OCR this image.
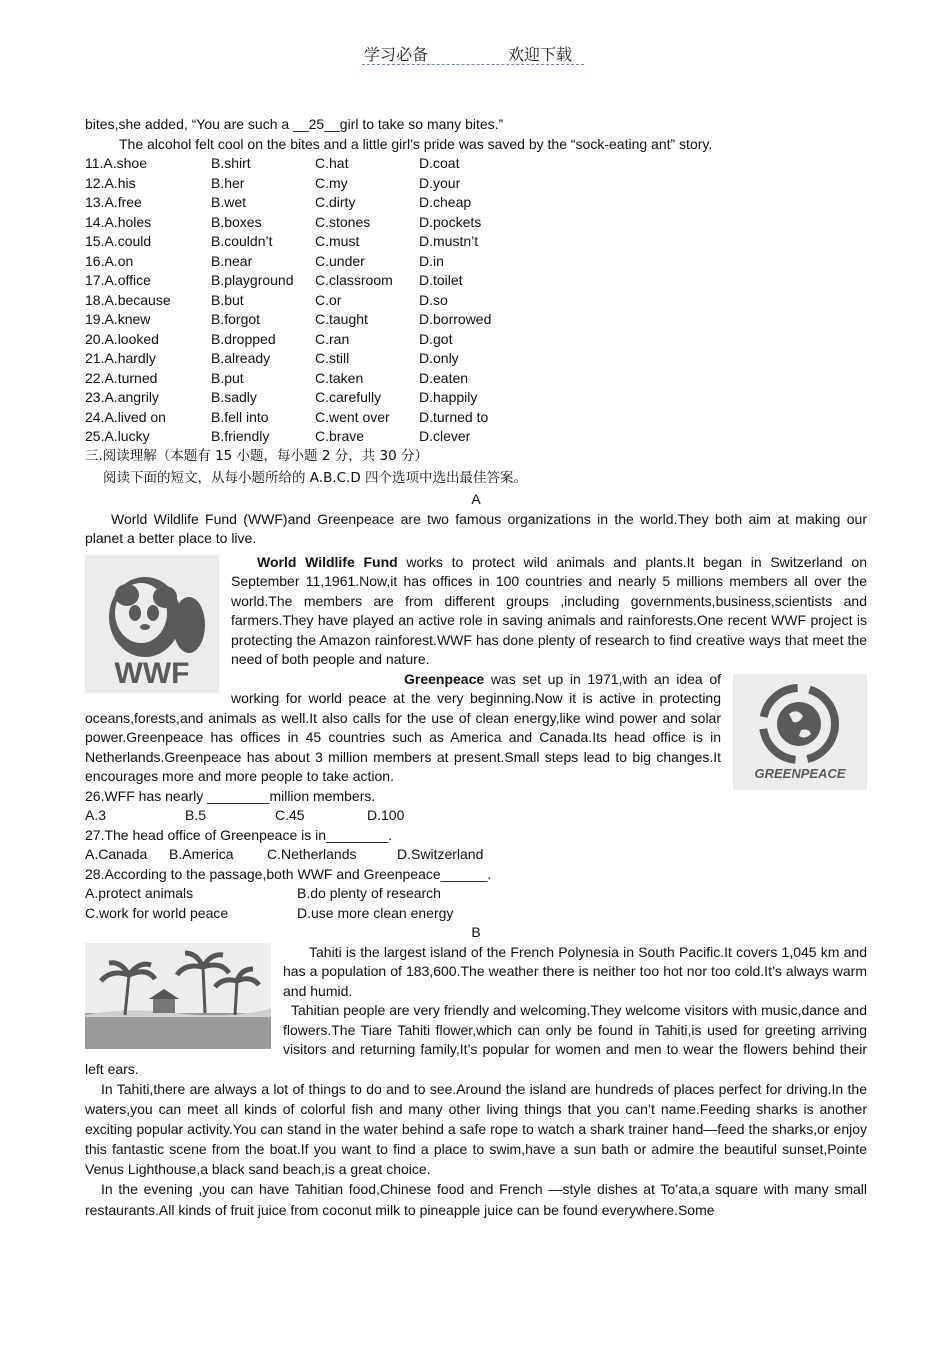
学习必备	欢迎下载
bites,she added, “You are such a __25__girl to take so many bites.”
The alcohol felt cool on the bites and a little girl’s pride was saved by the “sock-eating ant” story.
11.A.shoe	B.shirt	C.hat	D.coat
12.A.his	B.her	C.my	D.your
13.A.free	B.wet	C.dirty	D.cheap
14.A.holes	B.boxes	C.stones	D.pockets
15.A.could	B.couldn’t	C.must	D.mustn’t
16.A.on	B.near	C.under	D.in
17.A.office	B.playground C.classroom D.toilet
18.A.because	B.but	C.or	D.so
19.A.knew	B.forgot	C.taught	D.borrowed
20.A.looked	B.dropped	C.ran	D.got
21.A.hardly	B.already	C.still	D.only
22.A.turned	B.put	C.taken	D.eaten
23.A.angrily	B.sadly	C.carefully	D.happily
24.A.lived on	B.fell into	C.went over D.turned to
25.A.lucky	B.friendly	C.brave	D.clever
三.阅读理解（本题有 15 小题，每小题 2 分，共 30 分）
阅读下面的短文，从每小题所给的 A.B.C.D 四个选项中选出最佳答案。
A

World Wildlife Fund (WWF)and Greenpeace are two famous organizations in the world.They both aim at making our planet a better place to live.

WWF

World Wildlife Fund works to protect wild animals and plants.It began in Switzerland on September 11,1961.Now,it has offices in 100 countries and nearly 5 millions members all over the world.The members are from different groups ,including governments,business,scientists and farmers.They have played an active role in saving animals and rainforests.One recent WWF project is protecting the Amazon rainforest.WWF has done plenty of research to find creative ways that meet the need of both people and nature.

GREENPEACE

Greenpeace was set up in 1971,with an idea of working for world peace at the very beginning.Now it is active in protecting oceans,forests,and animals as well.It also calls for the use of clean energy,like wind power and solar power.Greenpeace has offices in 45 countries such as America and Canada.Its head office is in Netherlands.Greenpeace has about 3 million members at present.Small steps lead to big changes.It encourages more and more people to take action.

26.WFF has nearly ________million members.
A.3	B.5	C.45	D.100
27.The head office of Greenpeace is in________.
A.Canada B.America C.Netherlands	D.Switzerland
28.According to the passage,both WWF and Greenpeace______.
A.protect animals	B.do plenty of research
C.work for world peace	D.use more clean energy
B

Tahiti is the largest island of the French Polynesia in South Pacific.It covers 1,045 km and has a population of 183,600.The weather there is neither too hot nor too cold.It’s always warm and humid.

Tahitian people are very friendly and welcoming.They welcome visitors with music,dance and flowers.The Tiare Tahiti flower,which can only be found in Tahiti,is used for greeting arriving visitors and returning family,It’s popular for women and men to wear the flowers behind their left ears.

In Tahiti,there are always a lot of things to do and to see.Around the island are hundreds of places perfect for driving.In the waters,you can meet all kinds of colorful fish and many other living things that you can’t name.Feeding sharks is another exciting popular activity.You can stand in the water behind a safe rope to watch a shark trainer hand—feed the sharks,or enjoy this fantastic scene from the boat.If you want to find a place to swim,have a sun bath or admire the beautiful sunset,Pointe Venus Lighthouse,a black sand beach,is a great choice.

In the evening ,you can have Tahitian food,Chinese food and French —style dishes at To’ata,a square with many small restaurants.All kinds of fruit juice from coconut milk to pineapple juice can be found everywhere.Some
